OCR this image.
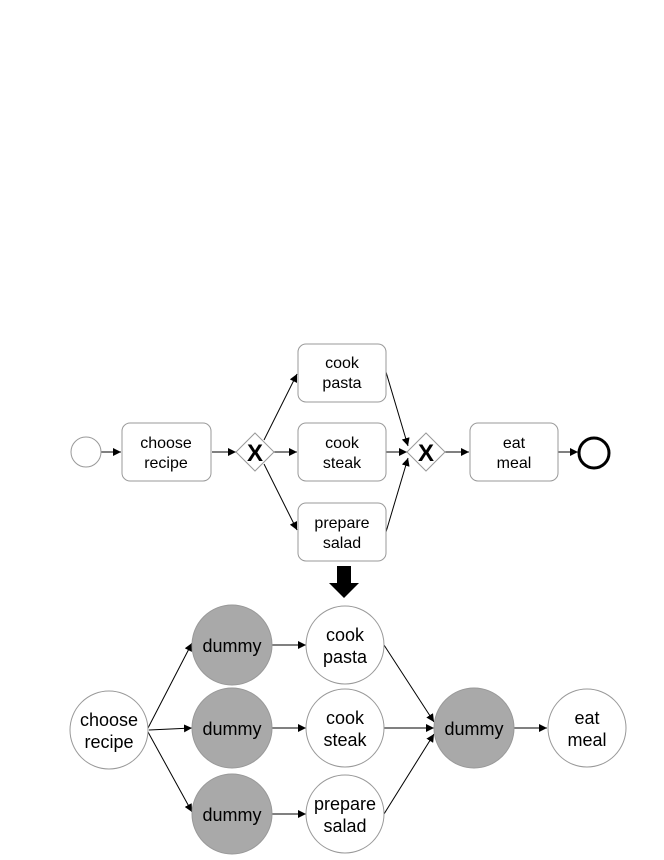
choose
recipe
cook
pasta
cook
steak
prepare
salad
eat
meal
X	X
choose
recipe
dummy
dummy
dummy
cook
pasta
cook
steak
prepare
salad
dummy
eat
meal
